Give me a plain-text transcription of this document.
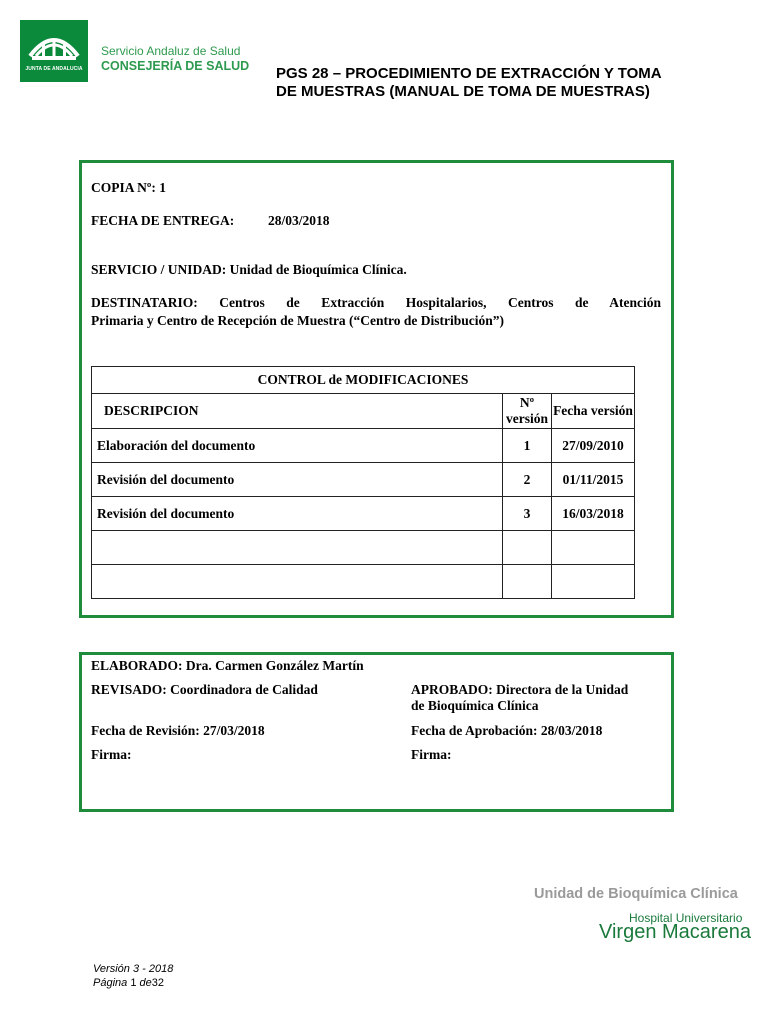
JUNTA DE ANDALUCIA
Servicio Andaluz de Salud
CONSEJERÍA DE SALUD PGS 28 – PROCEDIMIENTO DE EXTRACCIÓN Y TOMA DE MUESTRAS (MANUAL DE TOMA DE MUESTRAS)
COPIA Nº: 1
FECHA DE ENTREGA: 28/03/2018
SERVICIO / UNIDAD: Unidad de Bioquímica Clínica.
DESTINATARIO: Centros de Extracción Hospitalarios, Centros de Atención
Primaria y Centro de Recepción de Muestra (“Centro de Distribución”)
CONTROL de MODIFICACIONES		
DESCRIPCION	Nº versión	Fecha versión
Elaboración del documento	1	27/09/2010
Revisión del documento	2	01/11/2015
Revisión del documento	3	16/03/2018

ELABORADO: Dra. Carmen González Martín
REVISADO: Coordinadora de Calidad	APROBADO: Directora de la Unidad
de Bioquímica Clínica
Fecha de Revisión: 27/03/2018	Fecha de Aprobación: 28/03/2018
Firma:	Firma:
Unidad de Bioquímica Clínica
Hospital Universitario
Virgen Macarena
Versión 3 - 2018
Página 1 de32
